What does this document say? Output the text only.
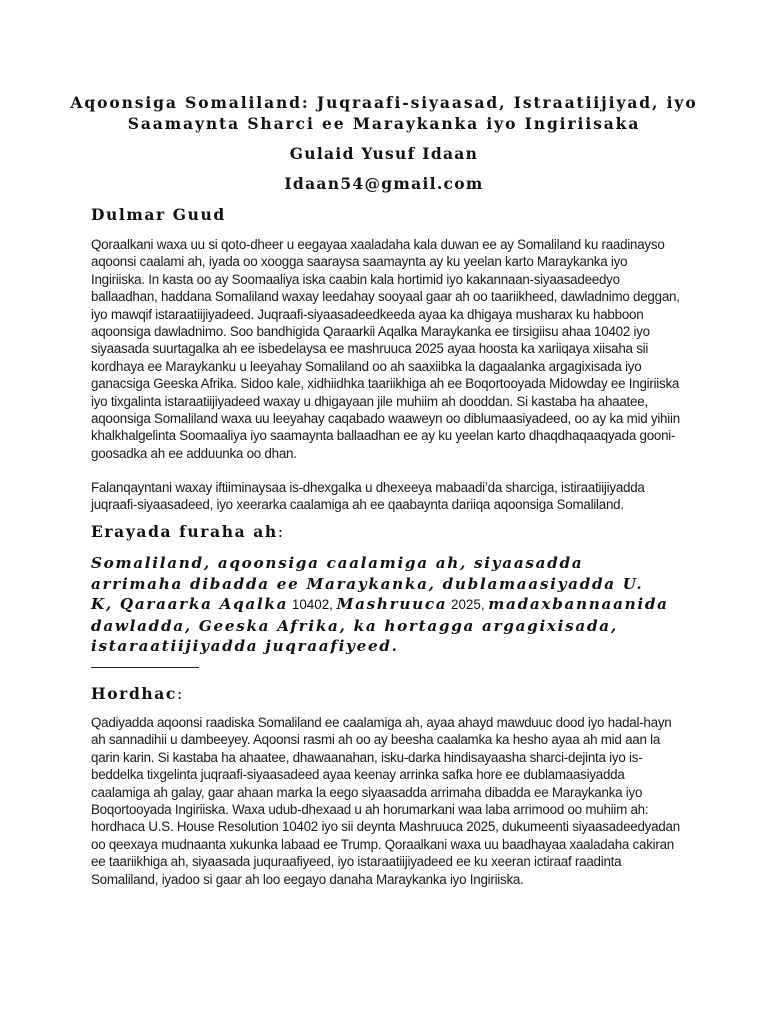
Aqoonsiga Somaliland: Juqraafi-siyaasad, Istraatiijiyad, iyo
Saamaynta Sharci ee Maraykanka iyo Ingiriisaka
Gulaid Yusuf Idaan
Idaan54@gmail.com
Dulmar Guud
Qoraalkani waxa uu si qoto-dheer u eegayaa xaaladaha kala duwan ee ay Somaliland ku raadinayso aqoonsi caalami ah, iyada oo xoogga saaraysa saamaynta ay ku yeelan karto Maraykanka iyo Ingiriiska. In kasta oo ay Soomaaliya iska caabin kala hortimid iyo kakannaan-siyaasadeedyo ballaadhan, haddana Somaliland waxay leedahay sooyaal gaar ah oo taariikheed, dawladnimo deggan, iyo mawqif istaraatiijiyadeed. Juqraafi-siyaasadeedkeeda ayaa ka dhigaya musharax ku habboon aqoonsiga dawladnimo. Soo bandhigida Qaraarkii Aqalka Maraykanka ee tirsigiisu ahaa 10402 iyo siyaasada suurtagalka ah ee isbedelaysa ee mashruuca 2025 ayaa hoosta ka xariiqaya xiisaha sii kordhaya ee Maraykanku u leeyahay Somaliland oo ah saaxiibka la dagaalanka argagixisada iyo ganacsiga Geeska Afrika. Sidoo kale, xidhiidhka taariikhiga ah ee Boqortooyada Midowday ee Ingiriiska iyo tixgalinta istaraatiijiyadeed waxay u dhigayaan jile muhiim ah dooddan. Si kastaba ha ahaatee, aqoonsiga Somaliland waxa uu leeyahay caqabado waaweyn oo diblumaasiyadeed, oo ay ka mid yihiin khalkhalgelinta Soomaaliya iyo saamaynta ballaadhan ee ay ku yeelan karto dhaqdhaqaaqyada gooni-goosadka ah ee adduunka oo dhan.
Falanqayntani waxay iftiiminaysaa is-dhexgalka u dhexeeya mabaadi’da sharciga, istiraatiijiyadda juqraafi-siyaasadeed, iyo xeerarka caalamiga ah ee qaabaynta dariiqa aqoonsiga Somaliland.
Erayada furaha ah:
Somaliland, aqoonsiga caalamiga ah, siyaasadda arrimaha dibadda ee Maraykanka, dublamaasiyadda U. K, Qaraarka Aqalka 10402, Mashruuca 2025, madaxbannaanida dawladda, Geeska Afrika, ka hortagga argagixisada, istaraatiijiyadda juqraafiyeed.
Hordhac:
Qadiyadda aqoonsi raadiska Somaliland ee caalamiga ah, ayaa ahayd mawduuc dood iyo hadal-hayn ah sannadihii u dambeeyey. Aqoonsi rasmi ah oo ay beesha caalamka ka hesho ayaa ah mid aan la qarin karin. Si kastaba ha ahaatee, dhawaanahan, isku-darka hindisayaasha sharci-dejinta iyo is-beddelka tixgelinta juqraafi-siyaasadeed ayaa keenay arrinka safka hore ee dublamaasiyadda caalamiga ah galay, gaar ahaan marka la eego siyaasadda arrimaha dibadda ee Maraykanka iyo Boqortooyada Ingiriiska. Waxa udub-dhexaad u ah horumarkani waa laba arrimood oo muhiim ah: hordhaca U.S. House Resolution 10402 iyo sii deynta Mashruuca 2025, dukumeenti siyaasadeedyadan oo qeexaya mudnaanta xukunka labaad ee Trump. Qoraalkani waxa uu baadhayaa xaaladaha cakiran ee taariikhiga ah, siyaasada juquraafiyeed, iyo istaraatiijiyadeed ee ku xeeran ictiraaf raadinta Somaliland, iyadoo si gaar ah loo eegayo danaha Maraykanka iyo Ingiriiska.
